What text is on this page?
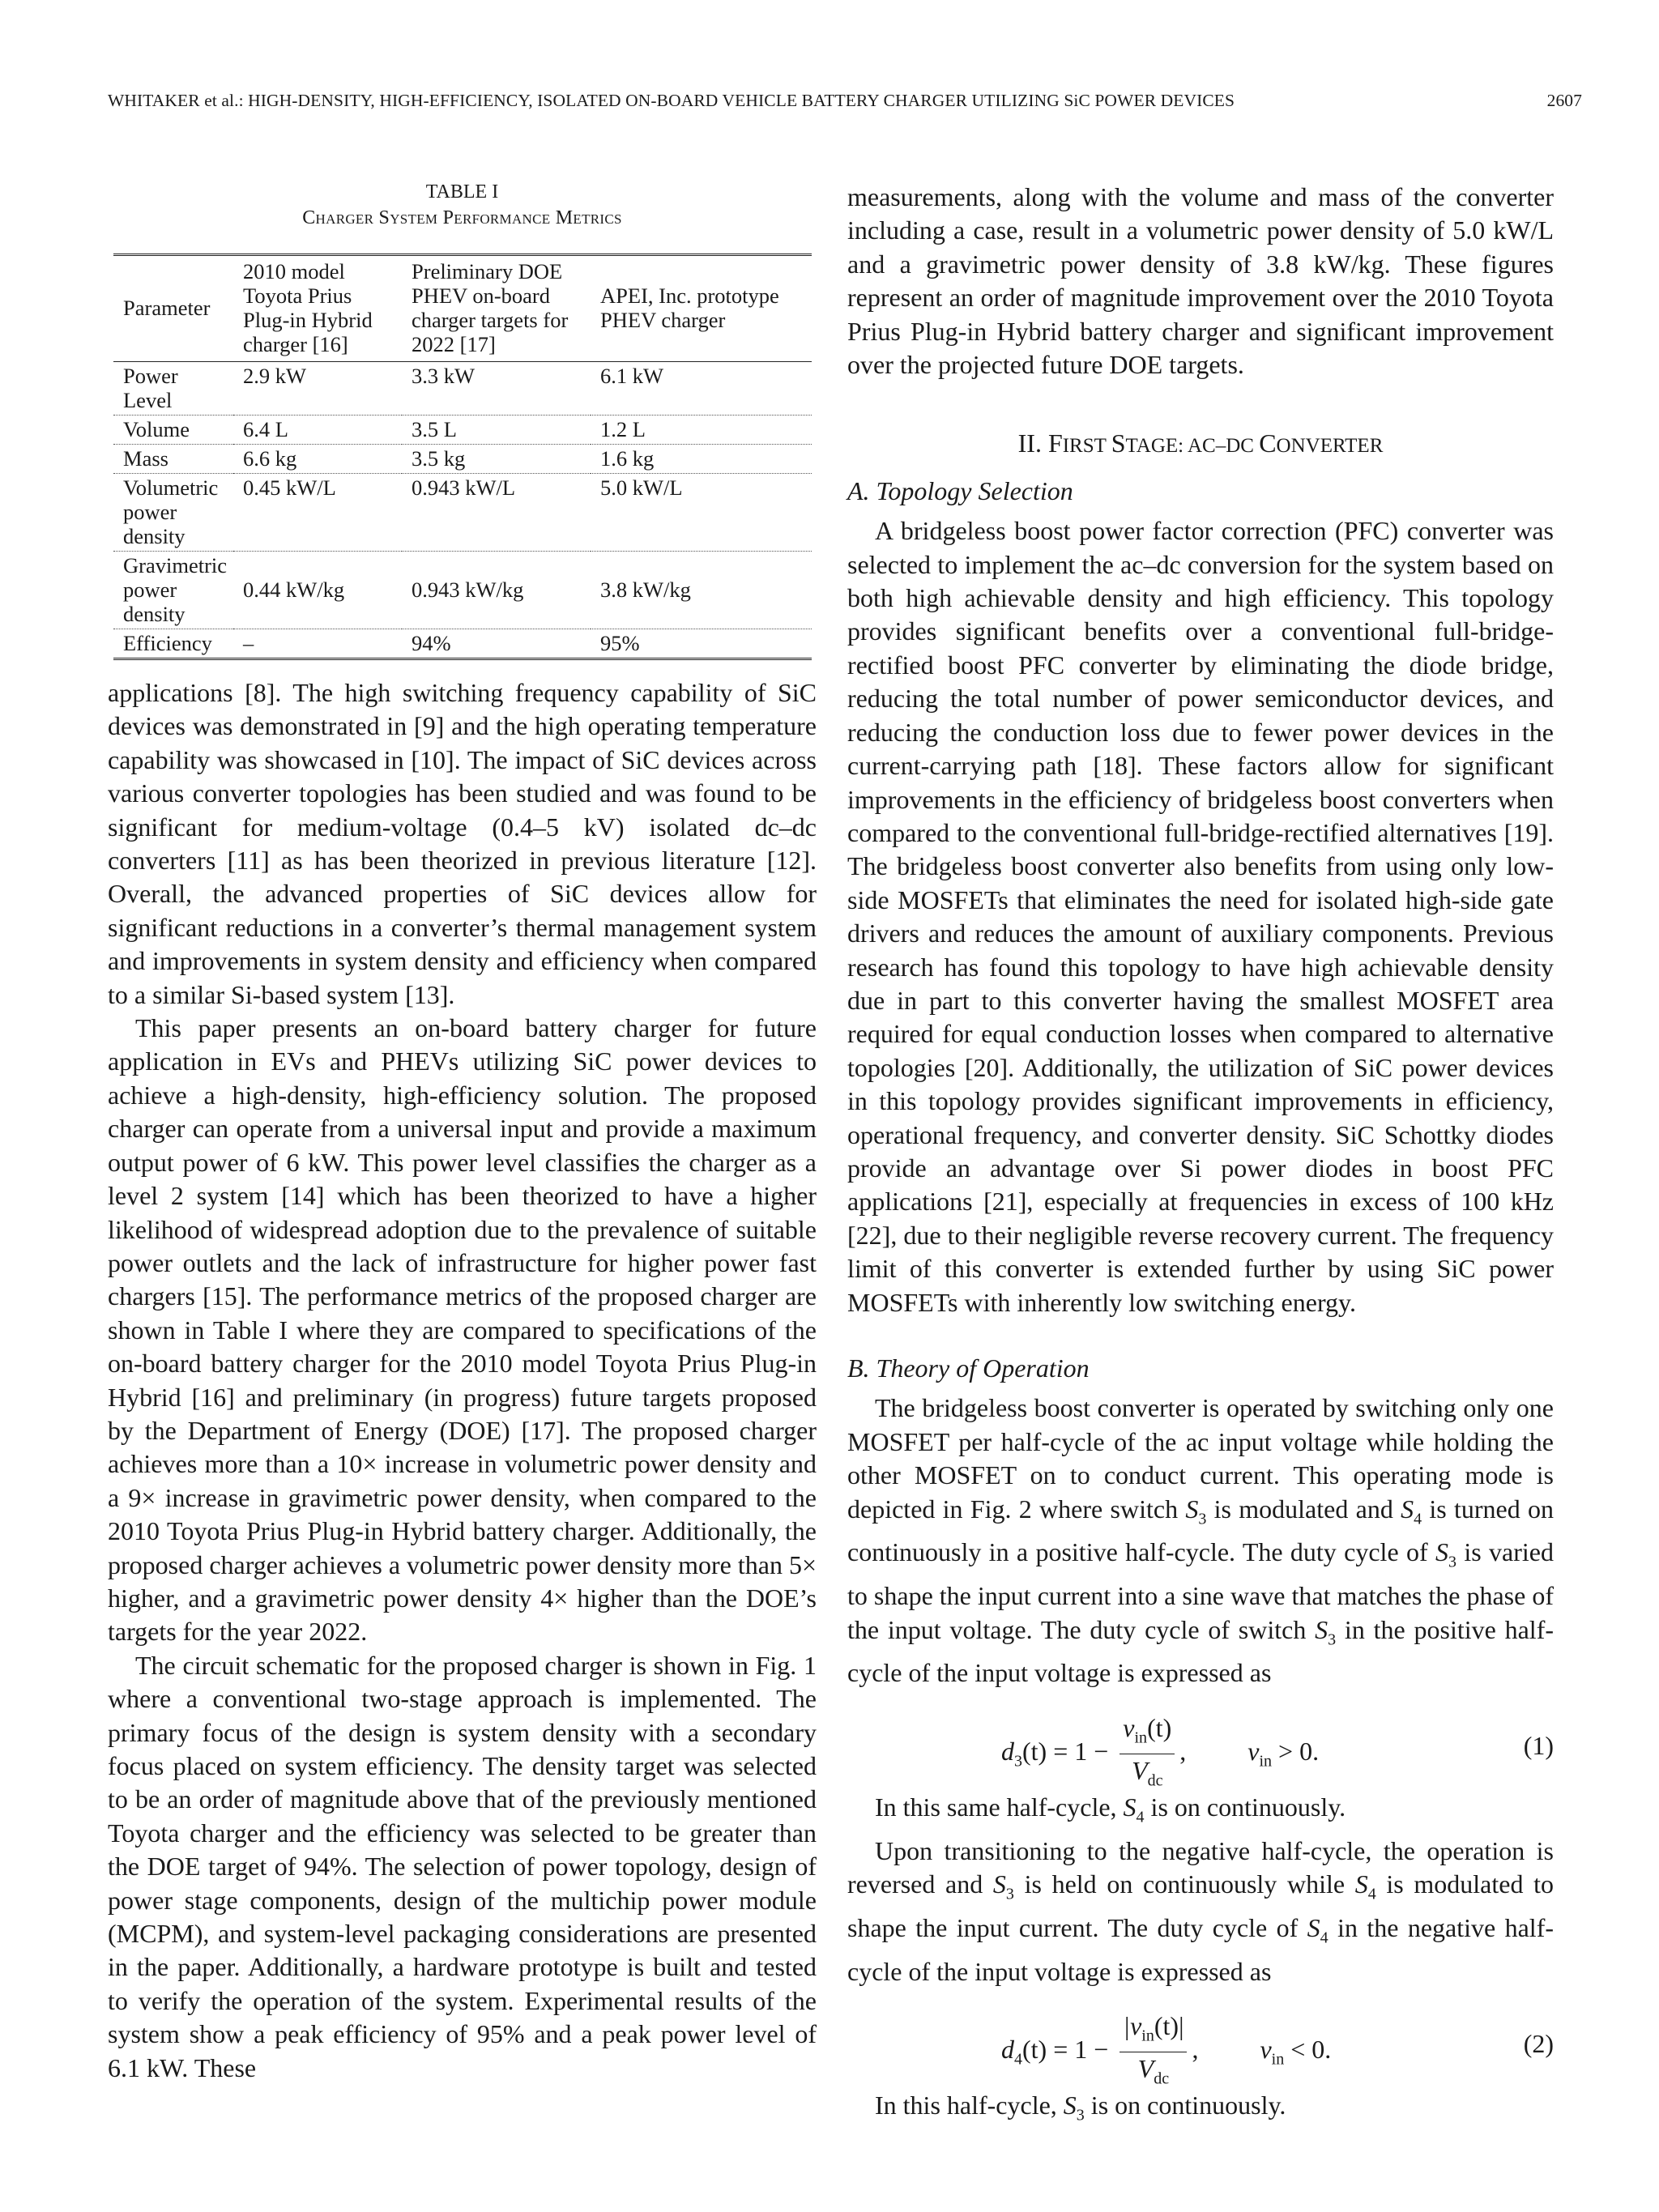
WHITAKER et al.: HIGH-DENSITY, HIGH-EFFICIENCY, ISOLATED ON-BOARD VEHICLE BATTERY CHARGER UTILIZING SiC POWER DEVICES	2607
TABLE I
Charger System Performance Metrics
Parameter	2010 model Toyota Prius Plug-in Hybrid charger [16]	Preliminary DOE PHEV on-board charger targets for 2022 [17]	APEI, Inc. prototype PHEV charger
Power Level	2.9 kW	3.3 kW	6.1 kW
Volume	6.4 L	3.5 L	1.2 L
Mass	6.6 kg	3.5 kg	1.6 kg
Volumetric power density	0.45 kW/L	0.943 kW/L	5.0 kW/L
Gravimetric power density	0.44 kW/kg	0.943 kW/kg	3.8 kW/kg
Efficiency	–	94%	95%

applications [8]. The high switching frequency capability of SiC devices was demonstrated in [9] and the high operating temperature capability was showcased in [10]. The impact of SiC devices across various converter topologies has been studied and was found to be significant for medium-voltage (0.4–5 kV) isolated dc–dc converters [11] as has been theorized in previous literature [12]. Overall, the advanced properties of SiC devices allow for significant reductions in a converter’s thermal management system and improvements in system density and efficiency when compared to a similar Si-based system [13].

This paper presents an on-board battery charger for future application in EVs and PHEVs utilizing SiC power devices to achieve a high-density, high-efficiency solution. The proposed charger can operate from a universal input and provide a maximum output power of 6 kW. This power level classifies the charger as a level 2 system [14] which has been theorized to have a higher likelihood of widespread adoption due to the prevalence of suitable power outlets and the lack of infrastructure for higher power fast chargers [15]. The performance metrics of the proposed charger are shown in Table I where they are compared to specifications of the on-board battery charger for the 2010 model Toyota Prius Plug-in Hybrid [16] and preliminary (in progress) future targets proposed by the Department of Energy (DOE) [17]. The proposed charger achieves more than a 10× increase in volumetric power density and a 9× increase in gravimetric power density, when compared to the 2010 Toyota Prius Plug-in Hybrid battery charger. Additionally, the proposed charger achieves a volumetric power density more than 5× higher, and a gravimetric power density 4× higher than the DOE’s targets for the year 2022.

The circuit schematic for the proposed charger is shown in Fig. 1 where a conventional two-stage approach is implemented. The primary focus of the design is system density with a secondary focus placed on system efficiency. The density target was selected to be an order of magnitude above that of the previously mentioned Toyota charger and the efficiency was selected to be greater than the DOE target of 94%. The selection of power topology, design of power stage components, design of the multichip power module (MCPM), and system-level packaging considerations are presented in the paper. Additionally, a hardware prototype is built and tested to verify the operation of the system. Experimental results of the system show a peak efficiency of 95% and a peak power level of 6.1 kW. These

measurements, along with the volume and mass of the converter including a case, result in a volumetric power density of 5.0 kW/L and a gravimetric power density of 3.8 kW/kg. These figures represent an order of magnitude improvement over the 2010 Toyota Prius Plug-in Hybrid battery charger and significant improvement over the projected future DOE targets.

II. FIRST STAGE: AC–DC CONVERTER
A. Topology Selection

A bridgeless boost power factor correction (PFC) converter was selected to implement the ac–dc conversion for the system based on both high achievable density and high efficiency. This topology provides significant benefits over a conventional full-bridge-rectified boost PFC converter by eliminating the diode bridge, reducing the total number of power semiconductor devices, and reducing the conduction loss due to fewer power devices in the current-carrying path [18]. These factors allow for significant improvements in the efficiency of bridgeless boost converters when compared to the conventional full-bridge-rectified alternatives [19]. The bridgeless boost converter also benefits from using only low-side MOSFETs that eliminates the need for isolated high-side gate drivers and reduces the amount of auxiliary components. Previous research has found this topology to have high achievable density due in part to this converter having the smallest MOSFET area required for equal conduction losses when compared to alternative topologies [20]. Additionally, the utilization of SiC power devices in this topology provides significant improvements in efficiency, operational frequency, and converter density. SiC Schottky diodes provide an advantage over Si power diodes in boost PFC applications [21], especially at frequencies in excess of 100 kHz [22], due to their negligible reverse recovery current. The frequency limit of this converter is extended further by using SiC power MOSFETs with inherently low switching energy.

B. Theory of Operation

The bridgeless boost converter is operated by switching only one MOSFET per half-cycle of the ac input voltage while holding the other MOSFET on to conduct current. This operating mode is depicted in Fig. 2 where switch $S_3$ is modulated and $S_4$ is turned on continuously in a positive half-cycle. The duty cycle of $S_3$ is varied to shape the input current into a sine wave that matches the phase of the input voltage. The duty cycle of switch $S_3$ in the positive half-cycle of the input voltage is expressed as

$d_3(t) = 1 - \frac{v_{in}(t)}{V_{dc}}$ ,  $v_{in} > 0$.	(1)

In this same half-cycle, $S_4$ is on continuously.

Upon transitioning to the negative half-cycle, the operation is reversed and $S_3$ is held on continuously while $S_4$ is modulated to shape the input current. The duty cycle of $S_4$ in the negative half-cycle of the input voltage is expressed as

$d_4(t) = 1 - \frac{|v_{in}(t)|}{V_{dc}}$ ,  $v_{in} < 0$.	(2)

In this half-cycle, $S_3$ is on continuously.
